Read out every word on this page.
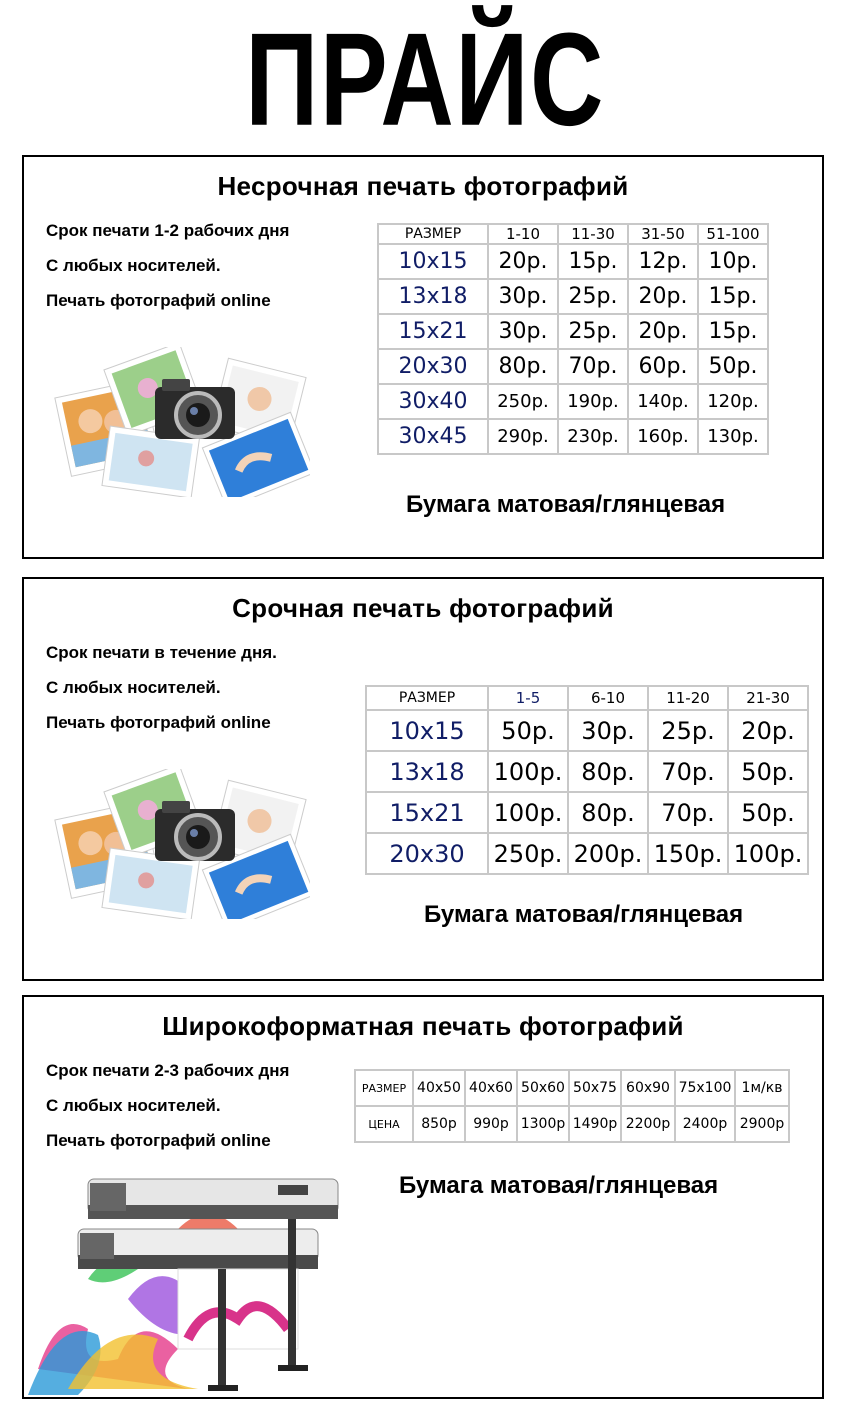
ПРАЙС
Несрочная печать фотографий
Срок печати 1-2 рабочих дня
С любых носителей.
Печать фотографий online
РАЗМЕР	1-10	11-30	31-50	51-100
10х15	20р.	15р.	12р.	10р.
13х18	30р.	25р.	20р.	15р.
15х21	30р.	25р.	20р.	15р.
20х30	80р.	70р.	60р.	50р.
30х40	250р.	190р.	140р.	120р.
30х45	290р.	230р.	160р.	130р.
Бумага матовая/глянцевая
Срочная печать фотографий
Срок печати в течение дня.
С любых носителей.
Печать фотографий online
РАЗМЕР	1-5	6-10	11-20	21-30
10х15	50р.	30р.	25р.	20р.
13х18	100р.	80р.	70р.	50р.
15х21	100р.	80р.	70р.	50р.
20х30	250р.	200р.	150р.	100р.
Бумага матовая/глянцевая
Широкоформатная печать фотографий
Срок печати 2-3 рабочих дня
С любых носителей.
Печать фотографий online
РАЗМЕР	40х50	40х60	50х60	50х75	60х90	75х100	1м/кв
ЦЕНА	850р	990р	1300р	1490р	2200р	2400р	2900р
Бумага матовая/глянцевая
